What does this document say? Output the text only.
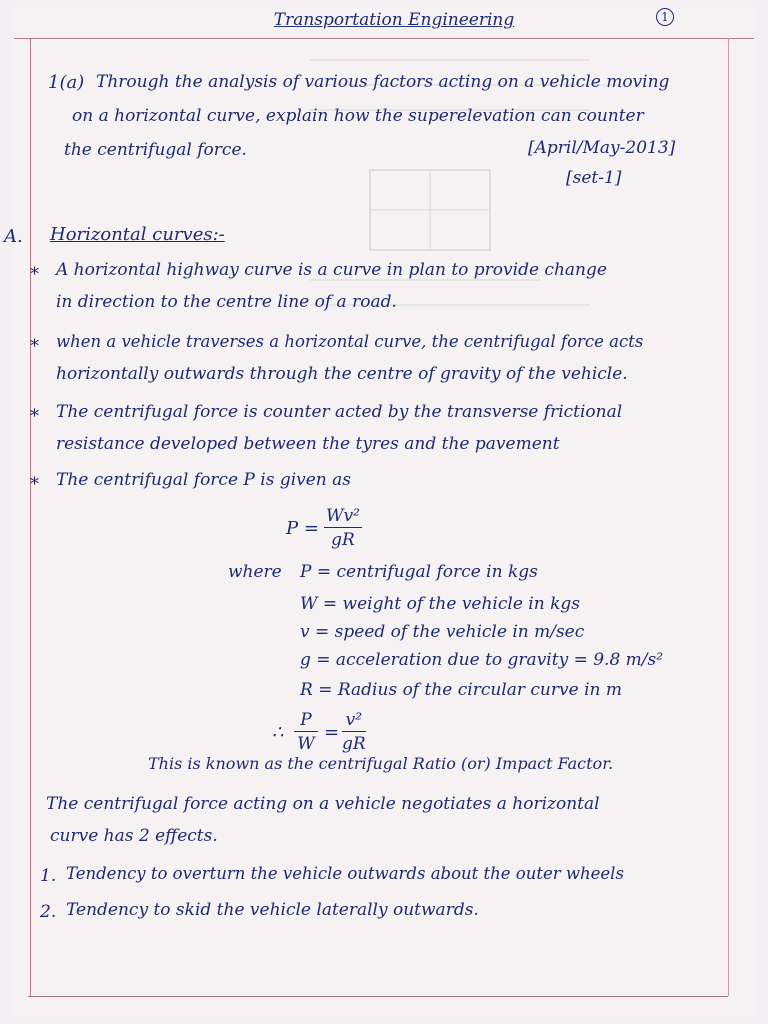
Transportation Engineering	1
1(a) Through the analysis of various factors acting on a vehicle moving
on a horizontal curve, explain how the superelevation can counter
the centrifugal force.	[April/May-2013]
[set-1]
A. Horizontal curves:-
* A horizontal highway curve is a curve in plan to provide change
in direction to the centre line of a road.
* when a vehicle traverses a horizontal curve, the centrifugal force acts
horizontally outwards through the centre of gravity of the vehicle.
* The centrifugal force is counter acted by the transverse frictional
resistance developed between the tyres and the pavement
* The centrifugal force P is given as
$P = \frac{\text{Wv²}}{gR}$
where P = centrifugal force in kgs
W = weight of the vehicle in kgs
v = speed of the vehicle in m/sec
g = acceleration due to gravity = 9.8 m/s²
R = Radius of the circular curve in m
∴ $\frac{P}{W} = \frac{\text{v²}}{gR}$
This is known as the centrifugal Ratio (or) Impact Factor.
The centrifugal force acting on a vehicle negotiates a horizontal
curve has 2 effects.
1. Tendency to overturn the vehicle outwards about the outer wheels
2. Tendency to skid the vehicle laterally outwards.
